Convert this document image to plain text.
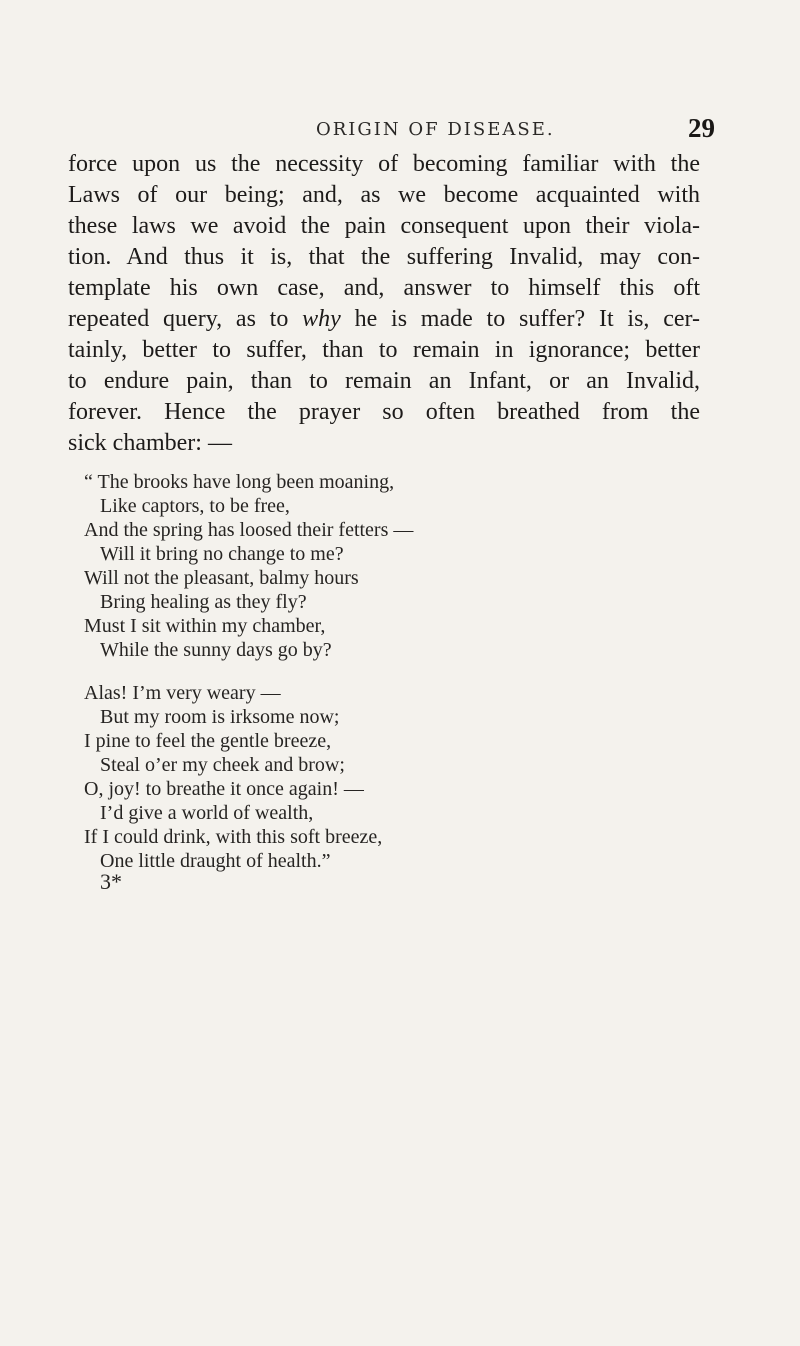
ORIGIN OF DISEASE.	29
force upon us the necessity of becoming familiar with the
Laws of our being; and, as we become acquainted with
these laws we avoid the pain consequent upon their viola-
tion. And thus it is, that the suffering Invalid, may con-
template his own case, and, answer to himself this oft
repeated query, as to why he is made to suffer? It is, cer-
tainly, better to suffer, than to remain in ignorance; better
to endure pain, than to remain an Infant, or an Invalid,
forever. Hence the prayer so often breathed from the
sick chamber: —
“ The brooks have long been moaning,
Like captors, to be free,
And the spring has loosed their fetters —
Will it bring no change to me?
Will not the pleasant, balmy hours
Bring healing as they fly?
Must I sit within my chamber,
While the sunny days go by?
Alas! I’m very weary —
But my room is irksome now;
I pine to feel the gentle breeze,
Steal o’er my cheek and brow;
O, joy! to breathe it once again! —
I’d give a world of wealth,
If I could drink, with this soft breeze,
One little draught of health.”
3*
